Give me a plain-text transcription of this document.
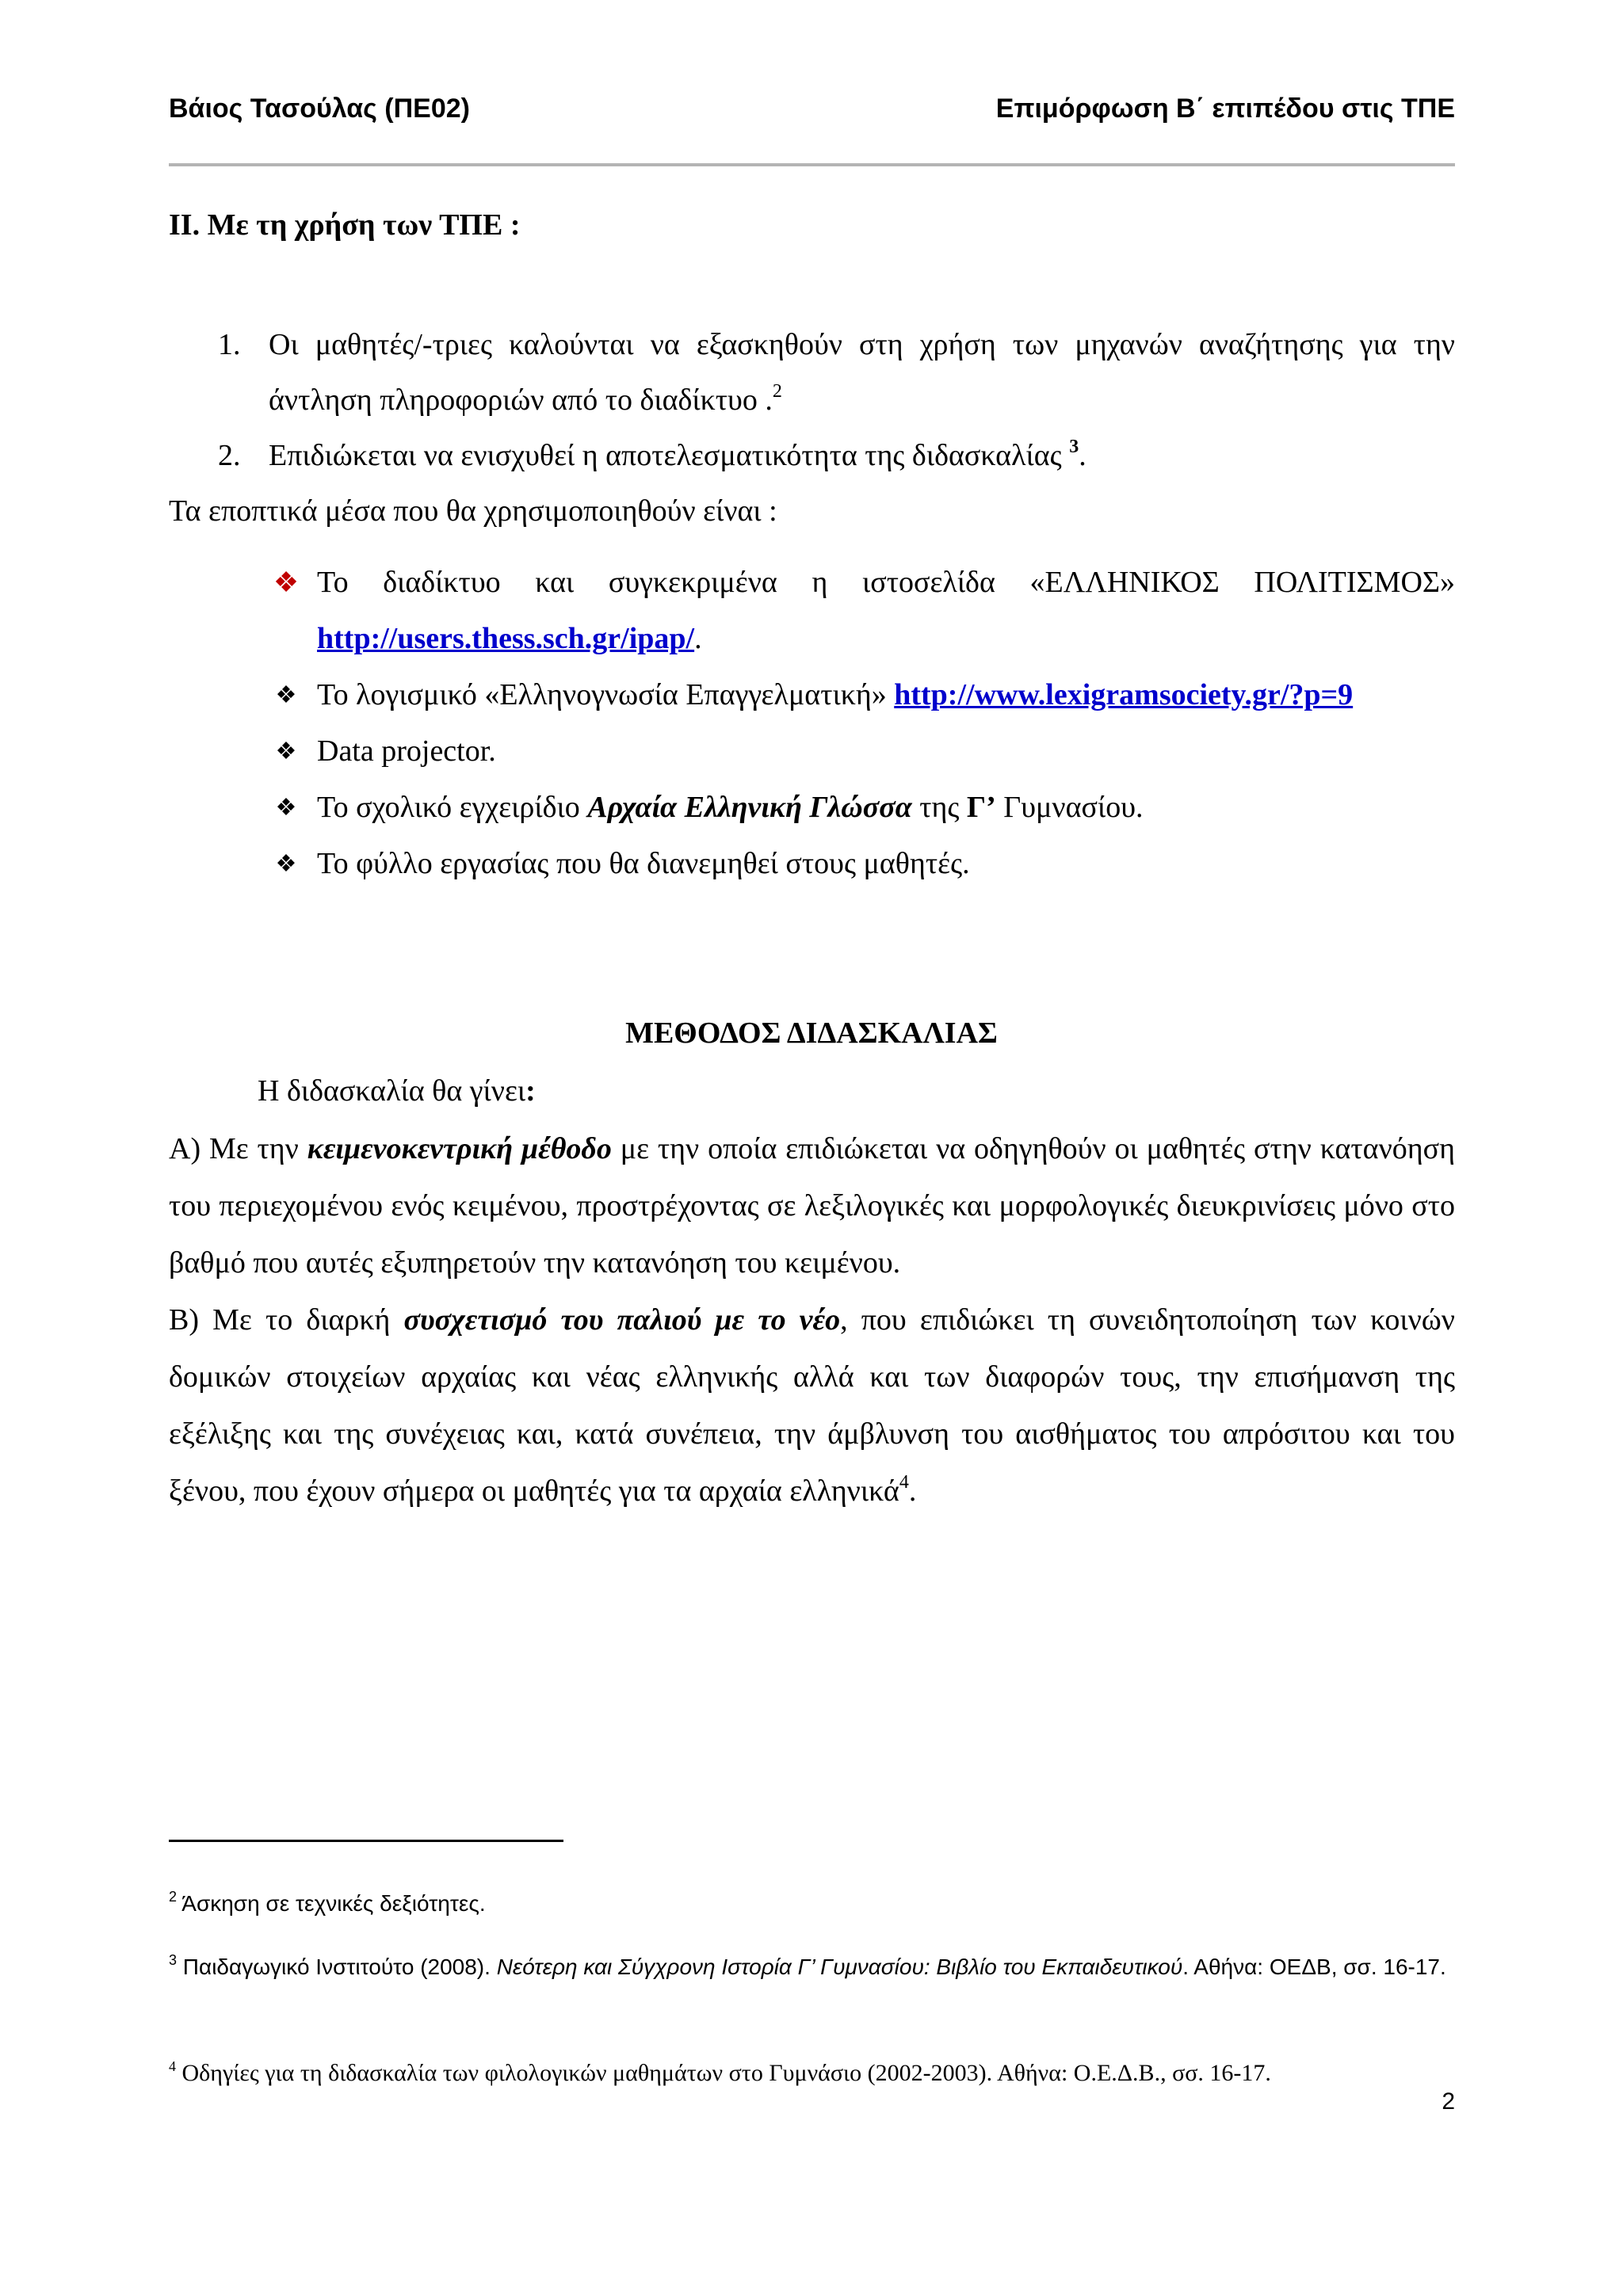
Βάιος Τασούλας (ΠΕ02)	Επιμόρφωση Β΄ επιπέδου στις ΤΠΕ
ΙΙ. Με τη χρήση των ΤΠΕ :
1. Οι μαθητές/-τριες καλούνται να εξασκηθούν στη χρήση των μηχανών αναζήτησης για την
άντληση πληροφοριών από το διαδίκτυο .$^2$
2. Επιδιώκεται να ενισχυθεί η αποτελεσματικότητα της διδασκαλίας $^3$.
Τα εποπτικά μέσα που θα χρησιμοποιηθούν είναι :
❖ Το διαδίκτυο και συγκεκριμένα η ιστοσελίδα «ΕΛΛΗΝΙΚΟΣ ΠΟΛΙΤΙΣΜΟΣ»
http://users.thess.sch.gr/ipap/.
❖ Το λογισμικό «Ελληνογνωσία Επαγγελματική» http://www.lexigramsociety.gr/?p=9
❖ Data projector.
❖ Το σχολικό εγχειρίδιο Αρχαία Ελληνική Γλώσσα της Γ’ Γυμνασίου.
❖ Το φύλλο εργασίας που θα διανεμηθεί στους μαθητές.
ΜΕΘΟΔΟΣ ΔΙΔΑΣΚΑΛΙΑΣ
Η διδασκαλία θα γίνει:
Α) Με την κειμενοκεντρική μέθοδο με την οποία επιδιώκεται να οδηγηθούν οι μαθητές στην κατανόηση του περιεχομένου ενός κειμένου, προστρέχοντας σε λεξιλογικές και μορφολογικές διευκρινίσεις μόνο στο βαθμό που αυτές εξυπηρετούν την κατανόηση του κειμένου.
Β) Με το διαρκή συσχετισμό του παλιού με το νέο, που επιδιώκει τη συνειδητοποίηση των κοινών δομικών στοιχείων αρχαίας και νέας ελληνικής αλλά και των διαφορών τους, την επισήμανση της εξέλιξης και της συνέχειας και, κατά συνέπεια, την άμβλυνση του αισθήματος του απρόσιτου και του ξένου, που έχουν σήμερα οι μαθητές για τα αρχαία ελληνικά$^4$.
$^2$ Άσκηση σε τεχνικές δεξιότητες.
$^3$ Παιδαγωγικό Ινστιτούτο (2008). Νεότερη και Σύγχρονη Ιστορία Γ’ Γυμνασίου: Βιβλίο του Εκπαιδευτικού. Αθήνα: ΟΕΔΒ, σσ. 16-17.
$^4$ Οδηγίες για τη διδασκαλία των φιλολογικών μαθημάτων στο Γυμνάσιο (2002-2003). Αθήνα: Ο.Ε.Δ.Β., σσ. 16-17.
2
